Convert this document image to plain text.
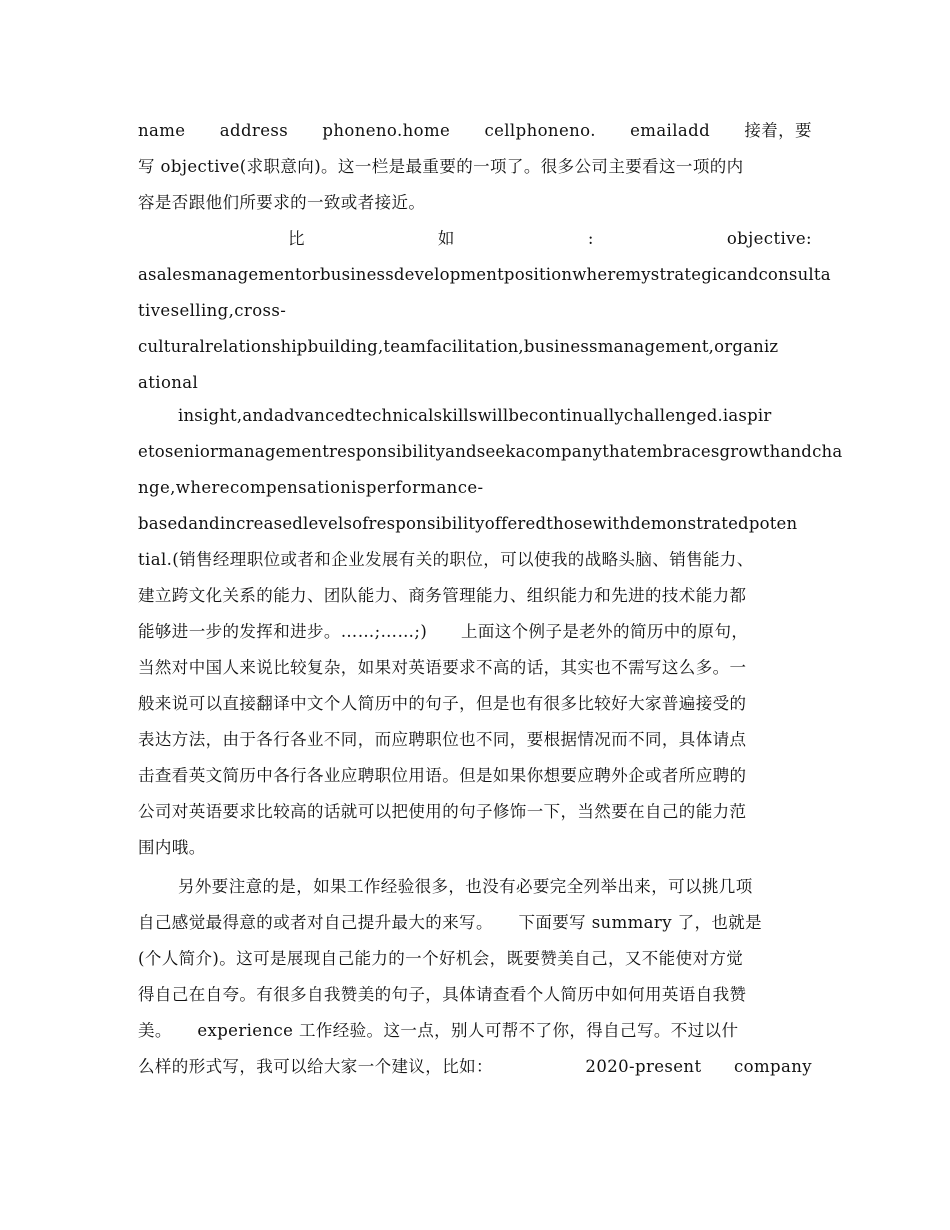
name address phoneno.home cellphoneno. emailadd 接着，要
写 objective(求职意向)。这一栏是最重要的一项了。很多公司主要看这一项的内
容是否跟他们所要求的一致或者接近。
比	如	:	objective:
asalesmanagementorbusinessdevelopmentpositionwheremystrategicandconsulta
tiveselling,cross-
culturalrelationshipbuilding,teamfacilitation,businessmanagement,organiz
ational
insight,andadvancedtechnicalskillswillbecontinuallychallenged.iaspir
etoseniormanagementresponsibilityandseekacompanythatembracesgrowthandcha
nge,wherecompensationisperformance-
basedandincreasedlevelsofresponsibilityofferedthosewithdemonstratedpoten
tial.(销售经理职位或者和企业发展有关的职位，可以使我的战略头脑、销售能力、
建立跨文化关系的能力、团队能力、商务管理能力、组织能力和先进的技术能力都
能够进一步的发挥和进步。……;……;)　　上面这个例子是老外的简历中的原句，
当然对中国人来说比较复杂，如果对英语要求不高的话，其实也不需写这么多。一
般来说可以直接翻译中文个人简历中的句子，但是也有很多比较好大家普遍接受的
表达方法，由于各行各业不同，而应聘职位也不同，要根据情况而不同，具体请点
击查看英文简历中各行各业应聘职位用语。但是如果你想要应聘外企或者所应聘的
公司对英语要求比较高的话就可以把使用的句子修饰一下，当然要在自己的能力范
围内哦。
另外要注意的是，如果工作经验很多，也没有必要完全列举出来，可以挑几项
自己感觉最得意的或者对自己提升最大的来写。　　下面要写 summary 了，也就是
(个人简介)。这可是展现自己能力的一个好机会，既要赞美自己，又不能使对方觉
得自己在自夸。有很多自我赞美的句子，具体请查看个人简历中如何用英语自我赞
美。　　experience 工作经验。这一点，别人可帮不了你，得自己写。不过以什
么样的形式写，我可以给大家一个建议，比如：	2020-present company
